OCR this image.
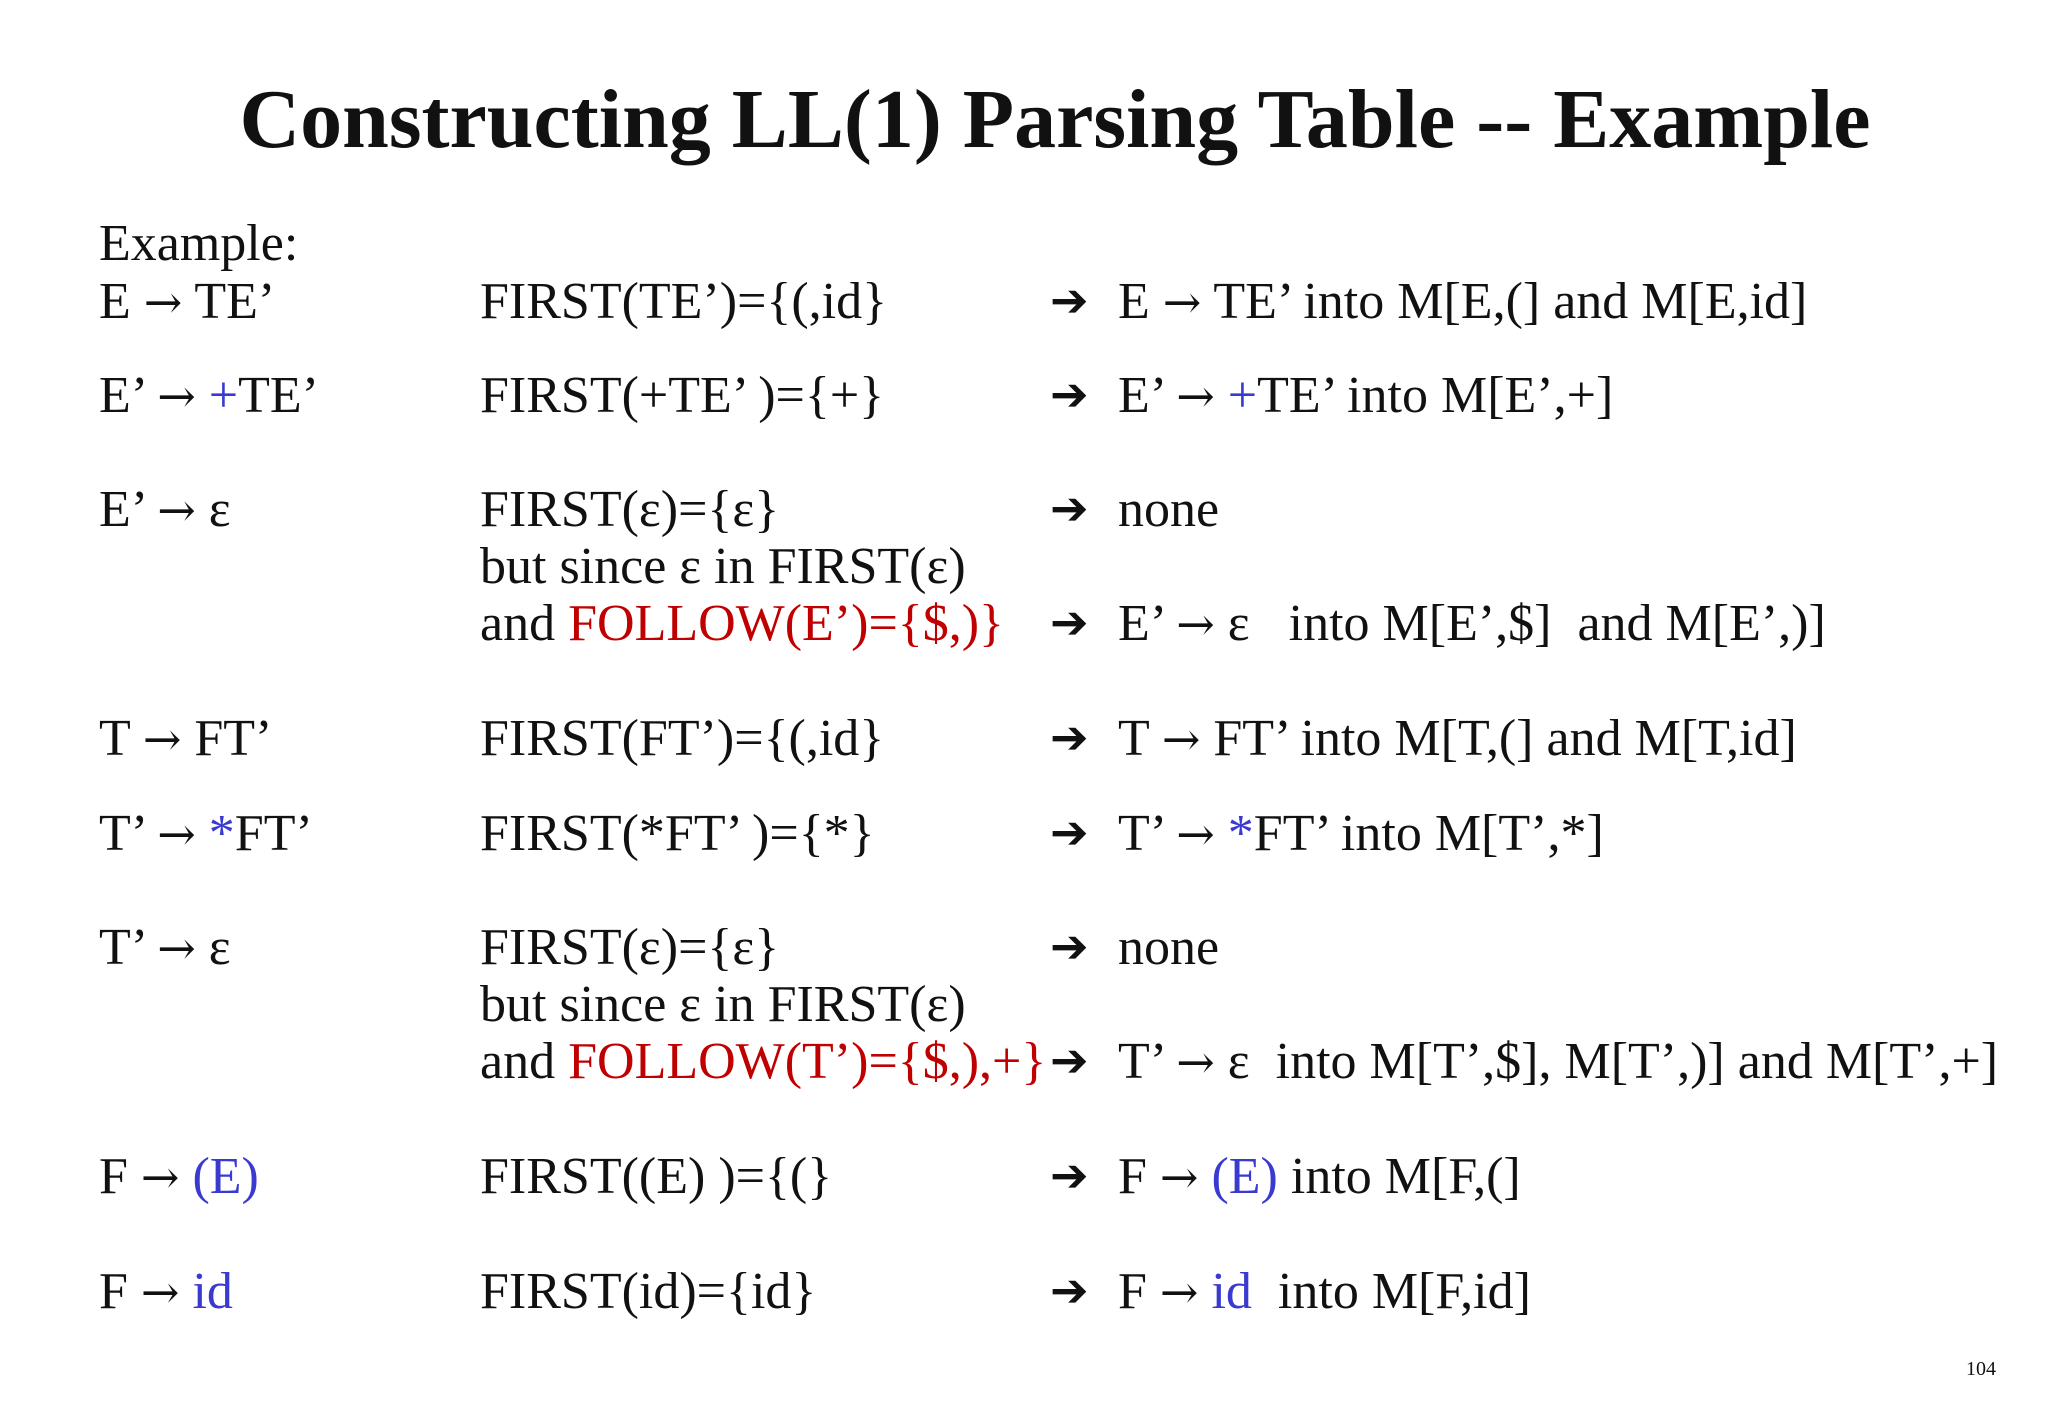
Constructing LL(1) Parsing Table -- Example
Example:
E → TE’	FIRST(TE’)={(,id}	➔ E → TE’ into M[E,(] and M[E,id]
E’ → +TE’	FIRST(+TE’ )={+}	➔ E’ → +TE’ into M[E’,+]
E’ → ε	FIRST(ε)={ε}	➔ none
but since ε in FIRST(ε)
and FOLLOW(E’)={$,)} ➔ E’ → ε   into M[E’,$]  and M[E’,)]
T → FT’	FIRST(FT’)={(,id}	➔ T → FT’ into M[T,(] and M[T,id]
T’ → *FT’	FIRST(*FT’ )={*}	➔ T’ → *FT’ into M[T’,*]
T’ → ε	FIRST(ε)={ε}	➔ none
but since ε in FIRST(ε)
and FOLLOW(T’)={$,),+} ➔ T’ → ε  into M[T’,$], M[T’,)] and M[T’,+]
F → (E)	FIRST((E) )={(}	➔ F → (E) into M[F,(]
F → id	FIRST(id)={id}	➔ F → id  into M[F,id]
104
